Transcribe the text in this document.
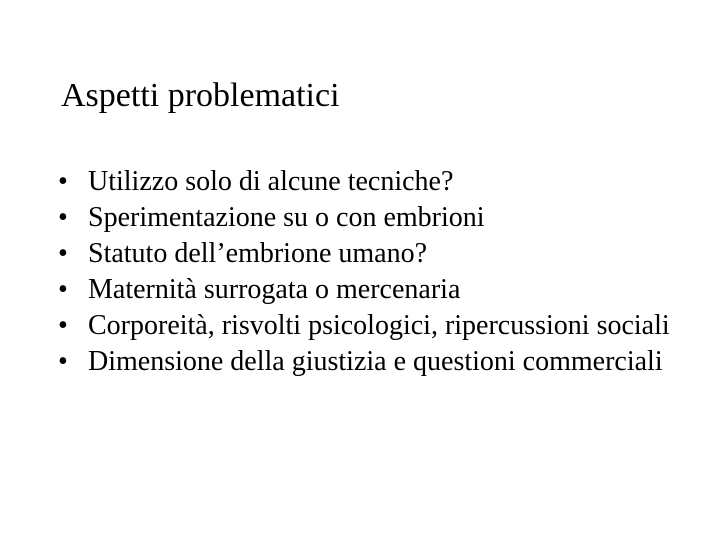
Aspetti problematici
• Utilizzo solo di alcune tecniche?
• Sperimentazione su o con embrioni
• Statuto dell’embrione umano?
• Maternità surrogata o mercenaria
• Corporeità, risvolti psicologici, ripercussioni sociali
• Dimensione della giustizia e questioni commerciali
